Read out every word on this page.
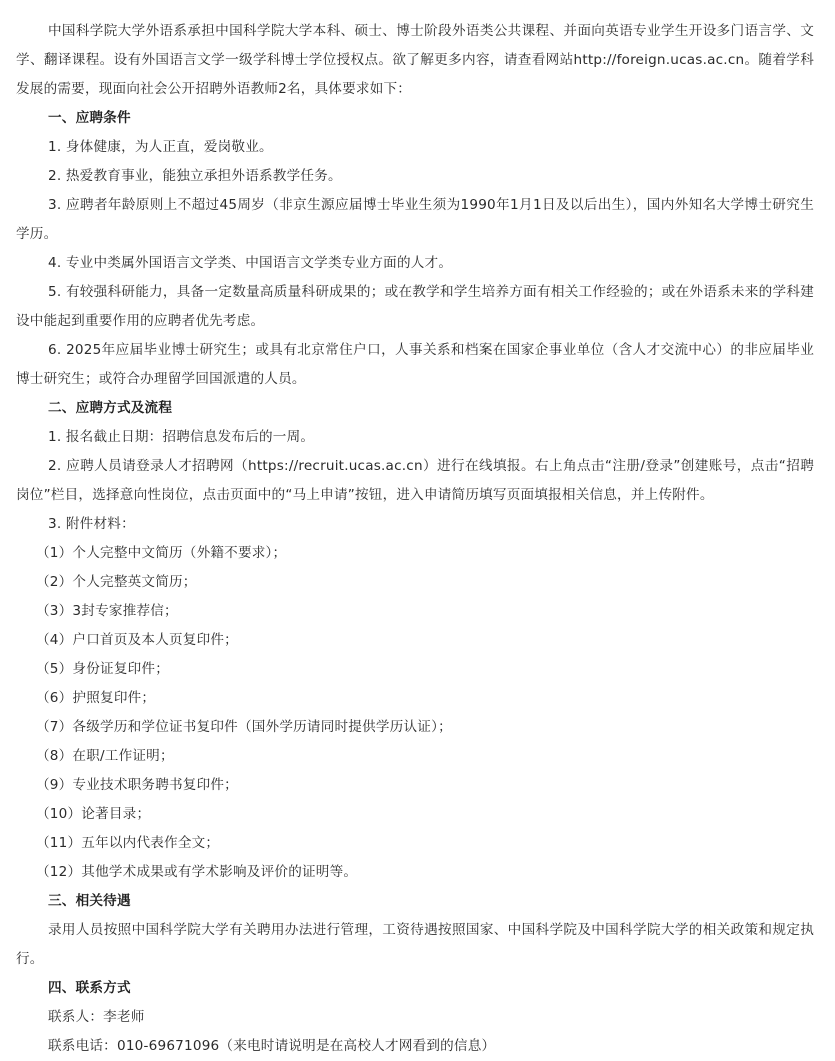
中国科学院大学外语系承担中国科学院大学本科、硕士、博士阶段外语类公共课程、并面向英语专业学生开设多门语言学、文学、翻译课程。设有外国语言文学一级学科博士学位授权点。欲了解更多内容，请查看网站http://foreign.ucas.ac.cn。随着学科发展的需要，现面向社会公开招聘外语教师2名，具体要求如下：

一、应聘条件

1. 身体健康，为人正直，爱岗敬业。

2. 热爱教育事业，能独立承担外语系教学任务。

3. 应聘者年龄原则上不超过45周岁（非京生源应届博士毕业生须为1990年1月1日及以后出生），国内外知名大学博士研究生学历。

4. 专业中类属外国语言文学类、中国语言文学类专业方面的人才。

5. 有较强科研能力，具备一定数量高质量科研成果的；或在教学和学生培养方面有相关工作经验的；或在外语系未来的学科建设中能起到重要作用的应聘者优先考虑。

6. 2025年应届毕业博士研究生；或具有北京常住户口，人事关系和档案在国家企事业单位（含人才交流中心）的非应届毕业博士研究生；或符合办理留学回国派遣的人员。

二、应聘方式及流程

1. 报名截止日期：招聘信息发布后的一周。

2. 应聘人员请登录人才招聘网（https://recruit.ucas.ac.cn）进行在线填报。右上角点击“注册/登录”创建账号，点击“招聘岗位”栏目，选择意向性岗位，点击页面中的“马上申请”按钮，进入申请简历填写页面填报相关信息，并上传附件。

3. 附件材料：

（1）个人完整中文简历（外籍不要求）；

（2）个人完整英文简历；

（3）3封专家推荐信；

（4）户口首页及本人页复印件；

（5）身份证复印件；

（6）护照复印件；

（7）各级学历和学位证书复印件（国外学历请同时提供学历认证）；

（8）在职/工作证明；

（9）专业技术职务聘书复印件；

（10）论著目录；

（11）五年以内代表作全文；

（12）其他学术成果或有学术影响及评价的证明等。

三、相关待遇

录用人员按照中国科学院大学有关聘用办法进行管理，工资待遇按照国家、中国科学院及中国科学院大学的相关政策和规定执行。

四、联系方式

联系人：李老师

联系电话：010-69671096（来电时请说明是在高校人才网看到的信息）
